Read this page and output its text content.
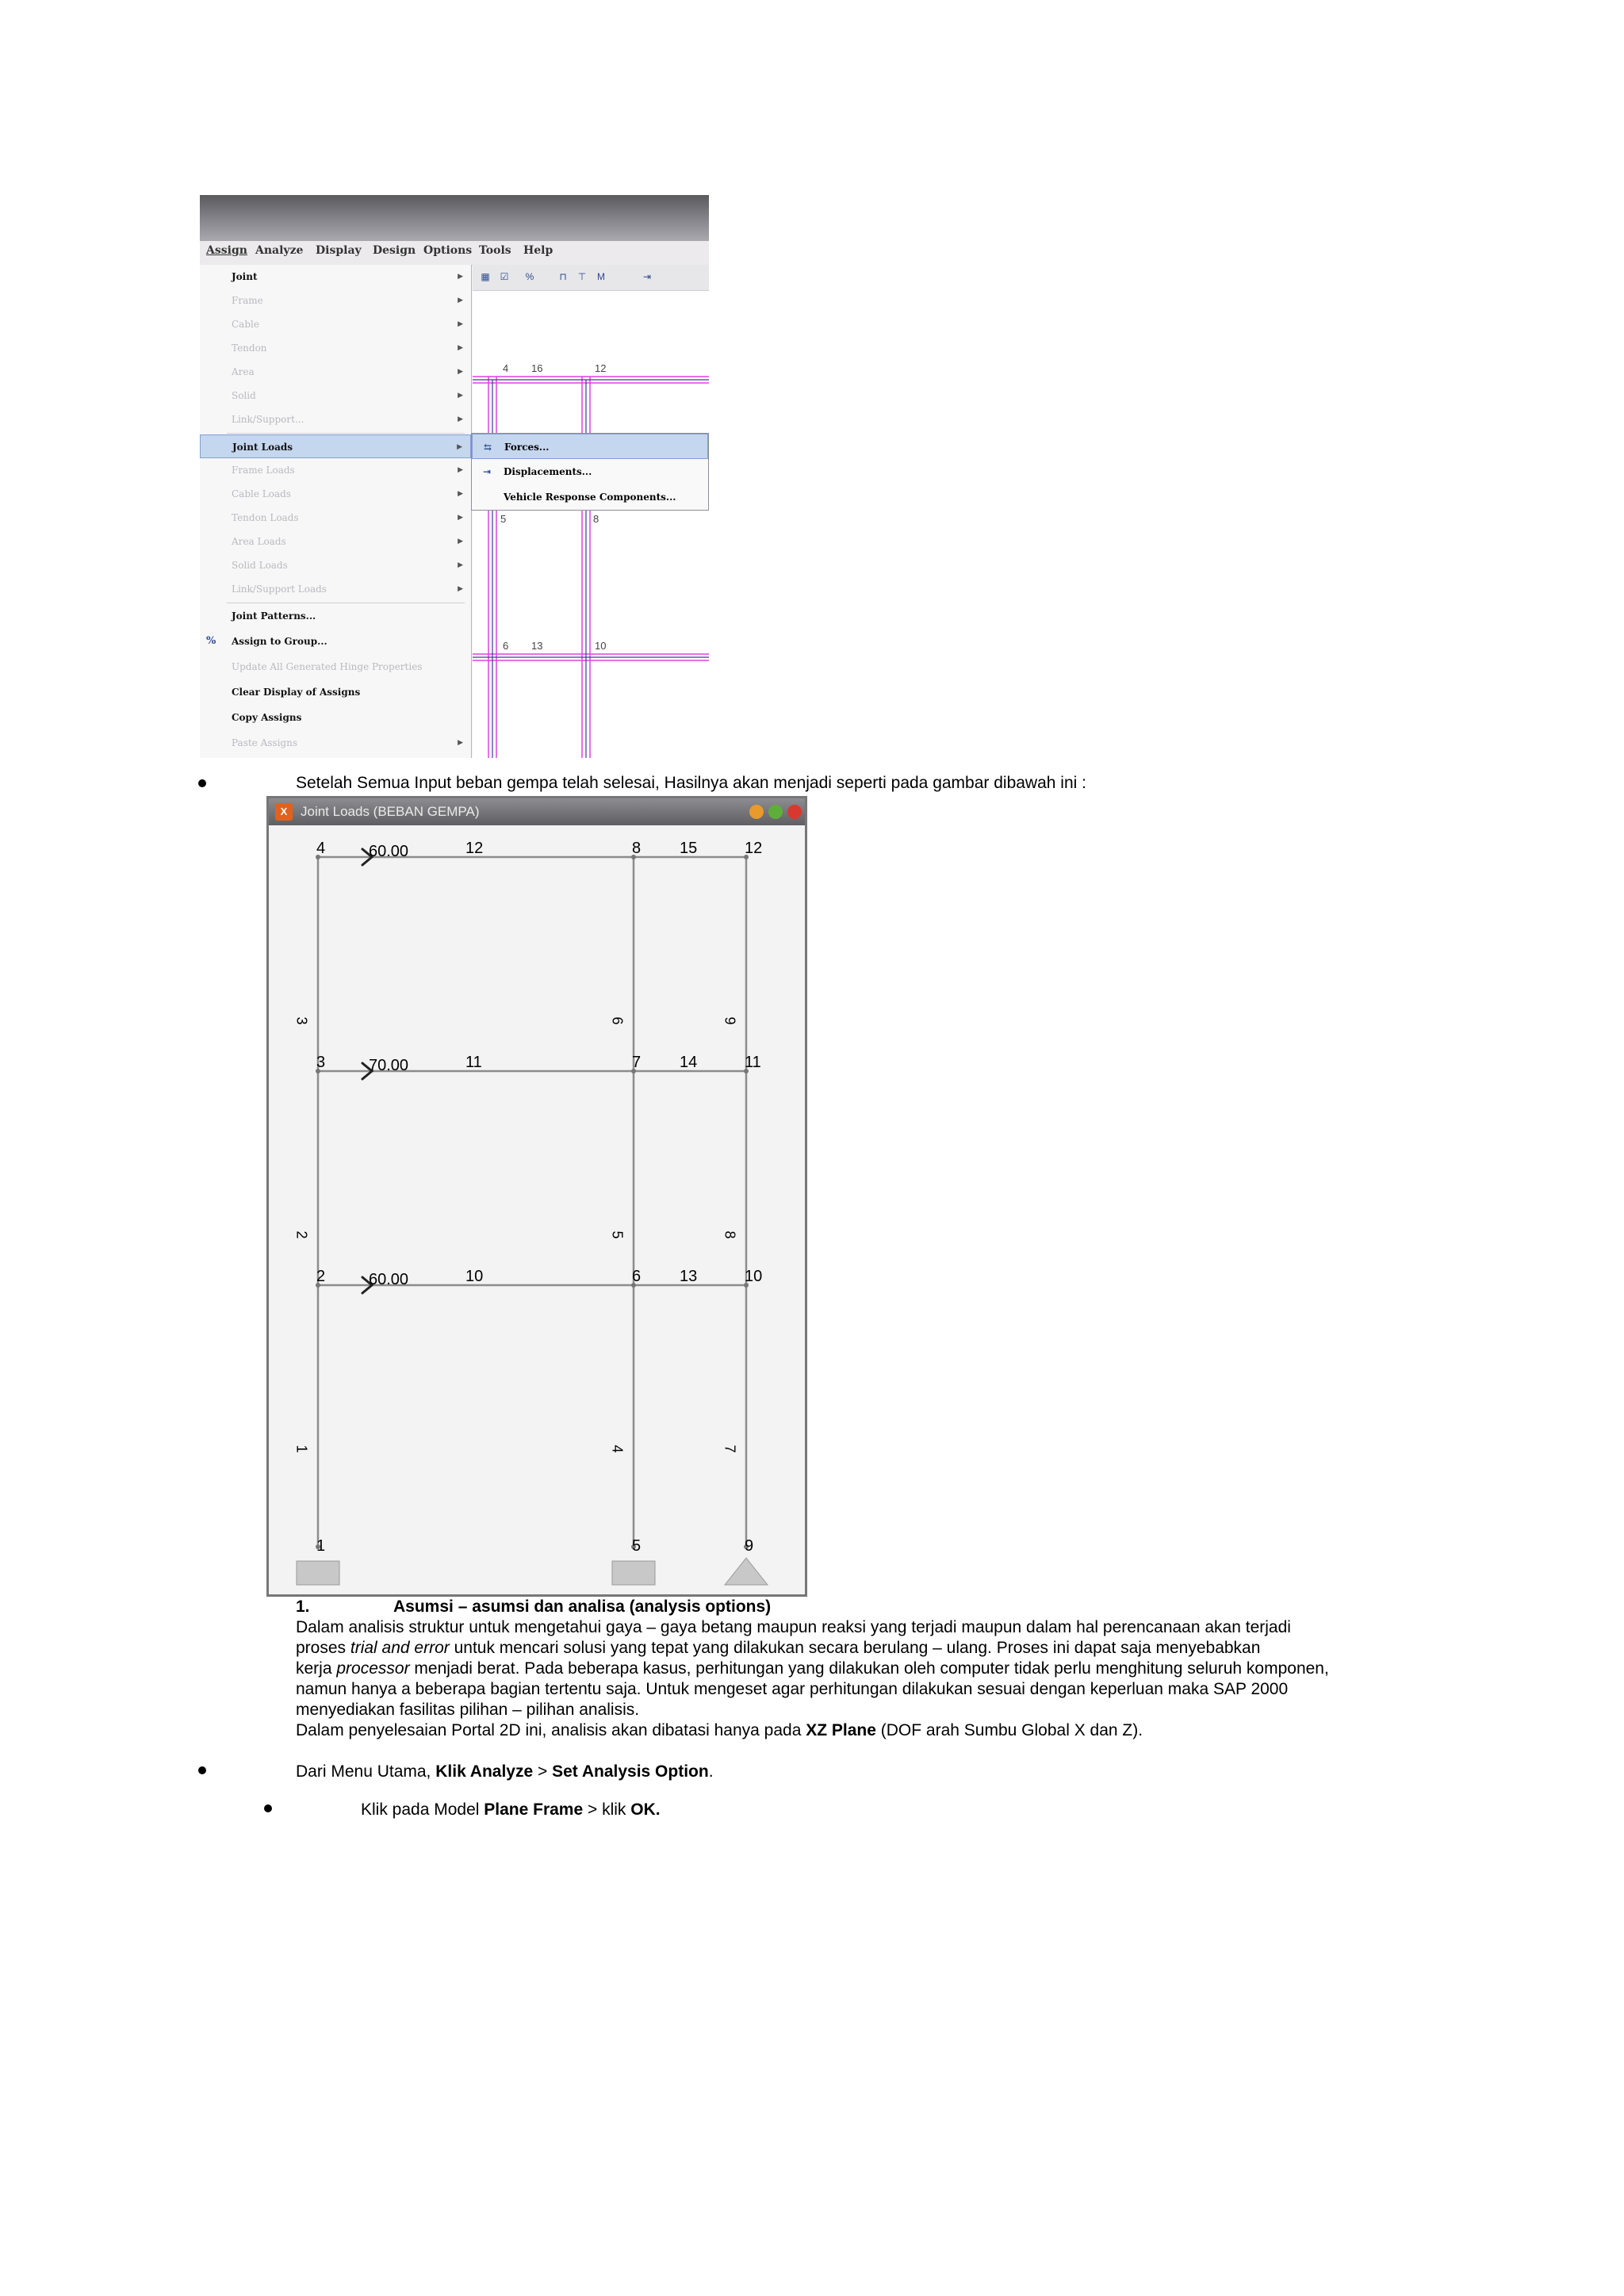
Assign Analyze Display Design Options Tools Help
▦	☑	%	⊓	⊤	M	⇥
4 16	12
5	8
6 13	10
Joint	▶
Frame	▶
Cable	▶
Tendon	▶
Area	▶
Solid	▶
Link/Support...	▶
Joint Loads	▶
Frame Loads	▶
Cable Loads	▶
Tendon Loads	▶
Area Loads	▶
Solid Loads	▶
Link/Support Loads	▶
Joint Patterns...
% Assign to Group...
Update All Generated Hinge Properties
Clear Display of Assigns
Copy Assigns
Paste Assigns	▶
⇆	Forces...
⇥	Displacements...
Vehicle Response Components...
Setelah Semua Input beban gempa telah selesai, Hasilnya akan menjadi seperti pada gambar dibawah ini :
X Joint Loads (BEBAN GEMPA)
1
2
3
4
5
6
7
8
9
10
11
12
1
2
3
4
5
6
7
8
9
10
11
12
13
14
15
60.00
70.00
60.00
1.	Asumsi – asumsi dan analisa (analysis options)
Dalam analisis struktur untuk mengetahui gaya – gaya betang maupun reaksi yang terjadi maupun dalam hal perencanaan akan terjadi
proses trial and error untuk mencari solusi yang tepat yang dilakukan secara berulang – ulang. Proses ini dapat saja menyebabkan
kerja processor menjadi berat. Pada beberapa kasus, perhitungan yang dilakukan oleh computer tidak perlu menghitung seluruh komponen,
namun hanya a beberapa bagian tertentu saja. Untuk mengeset agar perhitungan dilakukan sesuai dengan keperluan maka SAP 2000
menyediakan fasilitas pilihan – pilihan analisis.
Dalam penyelesaian Portal 2D ini, analisis akan dibatasi hanya pada XZ Plane (DOF arah Sumbu Global X dan Z).
Dari Menu Utama, Klik Analyze > Set Analysis Option.
Klik pada Model Plane Frame > klik OK.
